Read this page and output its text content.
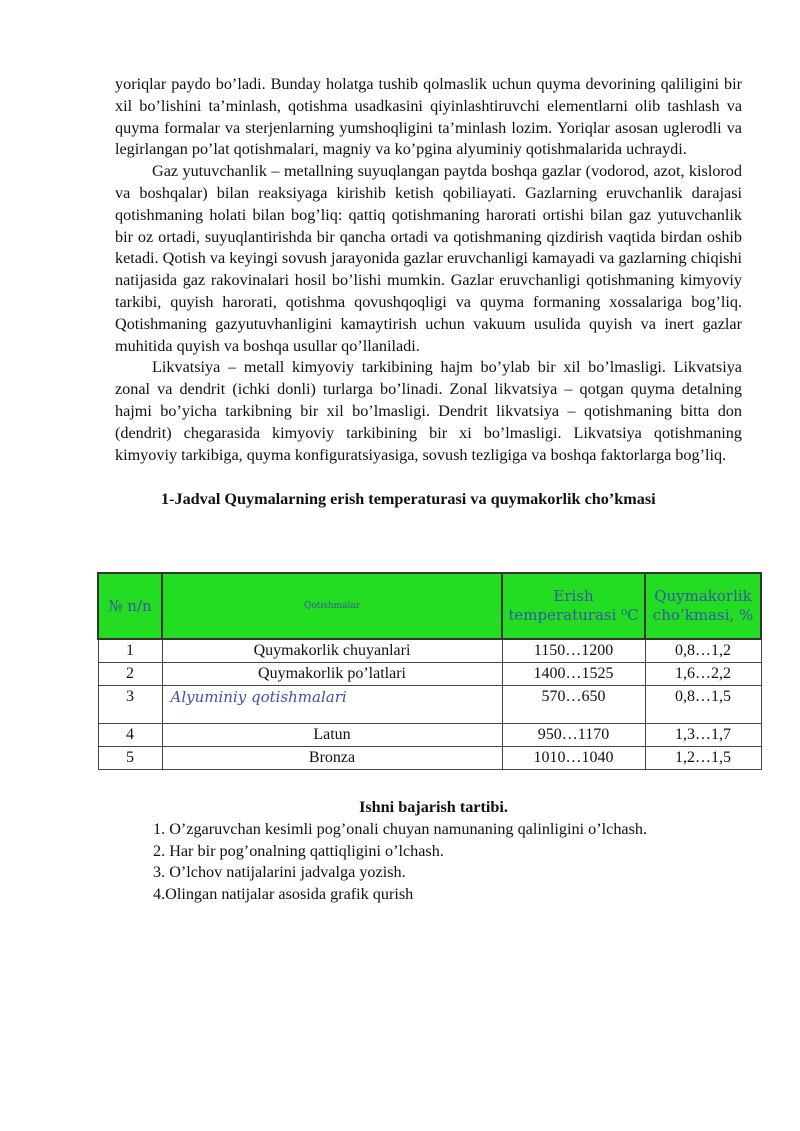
yoriqlar paydo bo’ladi. Bunday holatga tushib qolmaslik uchun quyma devorining qaliligini bir xil bo’lishini ta’minlash, qotishma usadkasini qiyinlashtiruvchi elementlarni olib tashlash va quyma formalar va sterjenlarning yumshoqligini ta’minlash lozim. Yoriqlar asosan uglerodli va legirlangan po’lat qotishmalari, magniy va ko’pgina alyuminiy qotishmalarida uchraydi.

Gaz yutuvchanlik – metallning suyuqlangan paytda boshqa gazlar (vodorod, azot, kislorod va boshqalar) bilan reaksiyaga kirishib ketish qobiliayati. Gazlarning eruvchanlik darajasi qotishmaning holati bilan bog’liq: qattiq qotishmaning harorati ortishi bilan gaz yutuvchanlik bir oz ortadi, suyuqlantirishda bir qancha ortadi va qotishmaning qizdirish vaqtida birdan oshib ketadi. Qotish va keyingi sovush jarayonida gazlar eruvchanligi kamayadi va gazlarning chiqishi natijasida gaz rakovinalari hosil bo’lishi mumkin. Gazlar eruvchanligi qotishmaning kimyoviy tarkibi, quyish harorati, qotishma qovushqoqligi va quyma formaning xossalariga bog’liq. Qotishmaning gazyutuvhanligini kamaytirish uchun vakuum usulida quyish va inert gazlar muhitida quyish va boshqa usullar qo’llaniladi.

Likvatsiya – metall kimyoviy tarkibining hajm bo’ylab bir xil bo’lmasligi. Likvatsiya zonal va dendrit (ichki donli) turlarga bo’linadi. Zonal likvatsiya – qotgan quyma detalning hajmi bo’yicha tarkibning bir xil bo’lmasligi. Dendrit likvatsiya – qotishmaning bitta don (dendrit) chegarasida kimyoviy tarkibining bir xi bo’lmasligi. Likvatsiya qotishmaning kimyoviy tarkibiga, quyma konfiguratsiyasiga, sovush tezligiga va boshqa faktorlarga bog’liq.

1-Jadval Quymalarning erish temperaturasi va quymakorlik cho’kmasi
№ n/n	Qotishmalar	Erish temperaturasi ⁰C	Quymakorlik cho’kmasi, %
1	Quymakorlik chuyanlari	1150…1200	0,8…1,2
2	Quymakorlik po’latlari	1400…1525	1,6…2,2
3	Alyuminiy qotishmalari	570…650	0,8…1,5
4	Latun	950…1170	1,3…1,7
5	Bronza	1010…1040	1,2…1,5
Ishni bajarish tartibi.
1. O’zgaruvchan kesimli pog’onali chuyan namunaning qalinligini o’lchash.
2. Har bir pog’onalning qattiqligini o’lchash.
3. O’lchov natijalarini jadvalga yozish.
4.Olingan natijalar asosida grafik qurish
